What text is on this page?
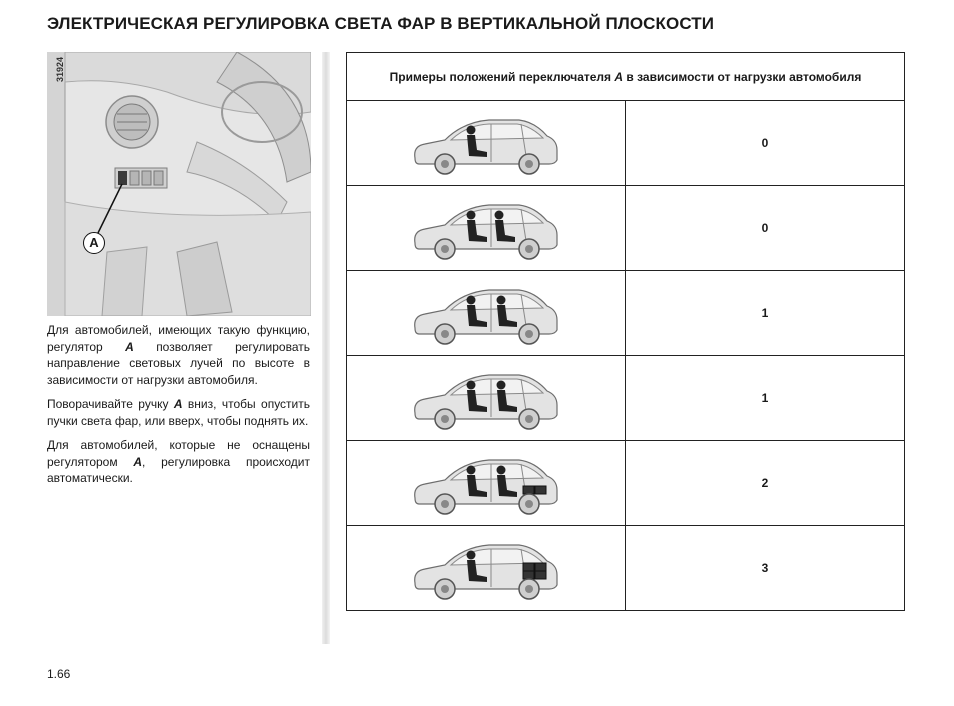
ЭЛЕКТРИЧЕСКАЯ РЕГУЛИРОВКА СВЕТА ФАР В ВЕРТИКАЛЬНОЙ ПЛОСКОСТИ
31924
A

Для автомобилей, имеющих такую функцию, регулятор A позволяет регулировать направление световых лучей по высоте в зависимости от нагрузки автомобиля.

Поворачивайте ручку A вниз, чтобы опустить пучки света фар, или вверх, чтобы поднять их.

Для автомобилей, которые не оснащены регулятором A, регулировка происходит автоматически.

Примеры положений переключателя A в зависимости от нагрузки автомобиля	

	0

	0

	1

	1

	2

	3
1.66
